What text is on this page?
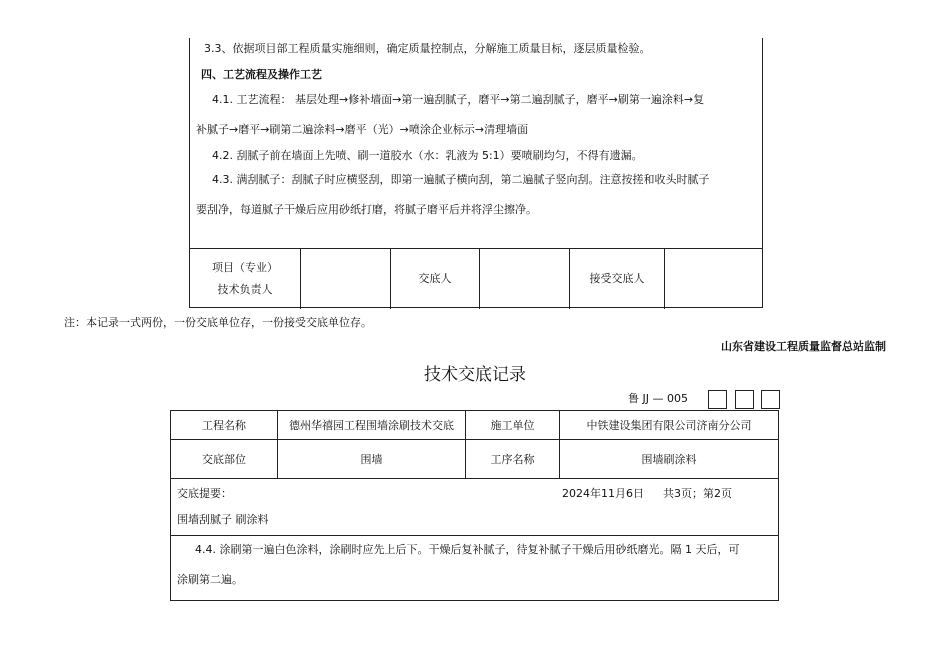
3.3、依据项目部工程质量实施细则，确定质量控制点，分解施工质量目标，逐层质量检验。
四、工艺流程及操作工艺
4.1. 工艺流程： 基层处理→修补墙面→第一遍刮腻子，磨平→第二遍刮腻子，磨平→刷第一遍涂料→复
补腻子→磨平→刷第二遍涂料→磨平（光）→喷涂企业标示→清理墙面
4.2. 刮腻子前在墙面上先喷、刷一道胶水（水：乳液为 5:1）要喷刷均匀，不得有遗漏。
4.3. 满刮腻子：刮腻子时应横竖刮，即第一遍腻子横向刮，第二遍腻子竖向刮。注意按搓和收头时腻子
要刮净，每道腻子干燥后应用砂纸打磨，将腻子磨平后并将浮尘擦净。
项目（专业）
技术负责人
交底人	接受交底人
注：本记录一式两份，一份交底单位存，一份接受交底单位存。
山东省建设工程质量监督总站监制
技术交底记录
鲁 JJ — 005
工程名称	德州华禧园工程围墙涂刷技术交底	施工单位	中铁建设集团有限公司济南分公司
交底部位	围墙	工序名称	围墙刷涂料
交底提要：	2024年11月6日 共3页；第2页
围墙刮腻子 刷涂料
4.4. 涂刷第一遍白色涂料，涂刷时应先上后下。干燥后复补腻子，待复补腻子干燥后用砂纸磨光。隔 1 天后，可
涂刷第二遍。
